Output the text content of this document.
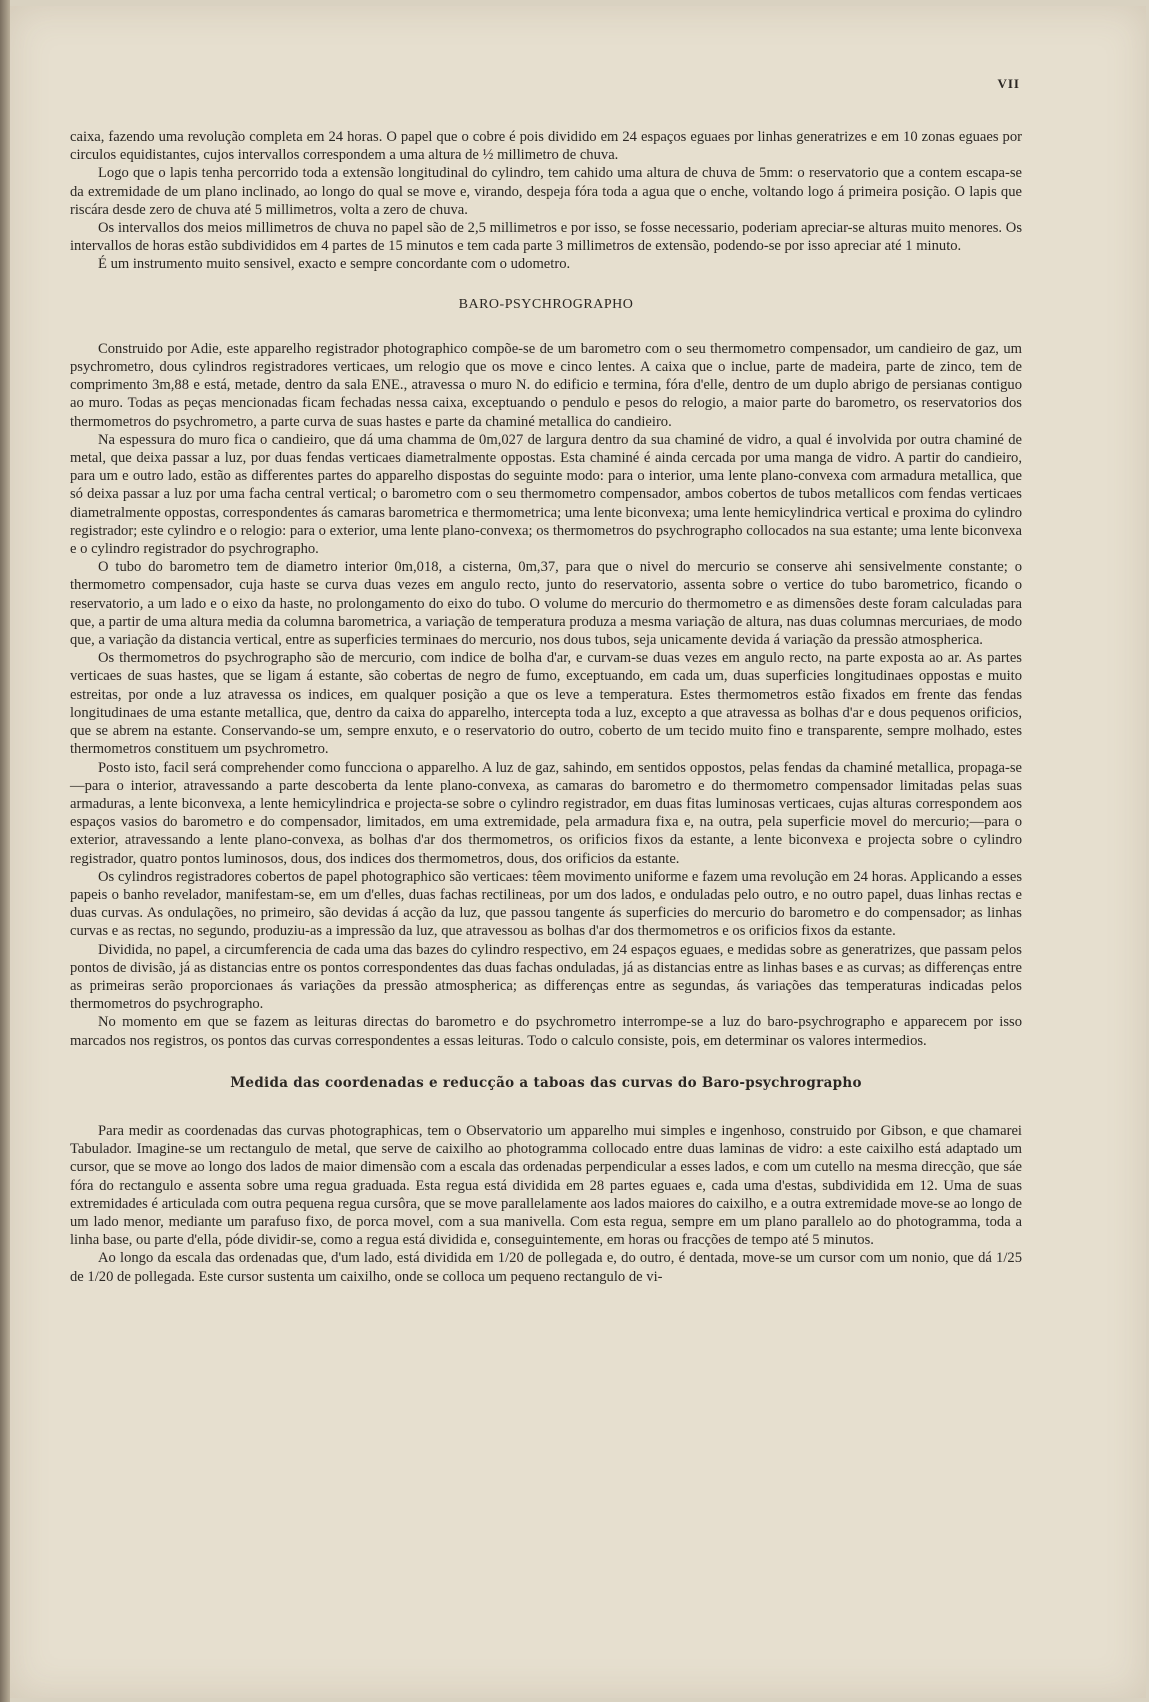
VII

caixa, fazendo uma revolução completa em 24 horas. O papel que o cobre é pois dividido em 24 espaços eguaes por linhas generatrizes e em 10 zonas eguaes por circulos equidistantes, cujos intervallos correspondem a uma altura de ½ millimetro de chuva.

Logo que o lapis tenha percorrido toda a extensão longitudinal do cylindro, tem cahido uma altura de chuva de 5mm: o reservatorio que a contem escapa-se da extremidade de um plano inclinado, ao longo do qual se move e, virando, despeja fóra toda a agua que o enche, voltando logo á primeira posição. O lapis que riscára desde zero de chuva até 5 millimetros, volta a zero de chuva.

Os intervallos dos meios millimetros de chuva no papel são de 2,5 millimetros e por isso, se fosse necessario, poderiam apreciar-se alturas muito menores. Os intervallos de horas estão subdivididos em 4 partes de 15 minutos e tem cada parte 3 millimetros de extensão, podendo-se por isso apreciar até 1 minuto.

É um instrumento muito sensivel, exacto e sempre concordante com o udometro.

BARO-PSYCHROGRAPHO

Construido por Adie, este apparelho registrador photographico compõe-se de um barometro com o seu thermometro compensador, um candieiro de gaz, um psychrometro, dous cylindros registradores verticaes, um relogio que os move e cinco lentes. A caixa que o inclue, parte de madeira, parte de zinco, tem de comprimento 3m,88 e está, metade, dentro da sala ENE., atravessa o muro N. do edificio e termina, fóra d'elle, dentro de um duplo abrigo de persianas contiguo ao muro. Todas as peças mencionadas ficam fechadas nessa caixa, exceptuando o pendulo e pesos do relogio, a maior parte do barometro, os reservatorios dos thermometros do psychrometro, a parte curva de suas hastes e parte da chaminé metallica do candieiro.

Na espessura do muro fica o candieiro, que dá uma chamma de 0m,027 de largura dentro da sua chaminé de vidro, a qual é involvida por outra chaminé de metal, que deixa passar a luz, por duas fendas verticaes diametralmente oppostas. Esta chaminé é ainda cercada por uma manga de vidro. A partir do candieiro, para um e outro lado, estão as differentes partes do apparelho dispostas do seguinte modo: para o interior, uma lente plano-convexa com armadura metallica, que só deixa passar a luz por uma facha central vertical; o barometro com o seu thermometro compensador, ambos cobertos de tubos metallicos com fendas verticaes diametralmente oppostas, correspondentes ás camaras barometrica e thermometrica; uma lente biconvexa; uma lente hemicylindrica vertical e proxima do cylindro registrador; este cylindro e o relogio: para o exterior, uma lente plano-convexa; os thermometros do psychrographo collocados na sua estante; uma lente biconvexa e o cylindro registrador do psychrographo.

O tubo do barometro tem de diametro interior 0m,018, a cisterna, 0m,37, para que o nivel do mercurio se conserve ahi sensivelmente constante; o thermometro compensador, cuja haste se curva duas vezes em angulo recto, junto do reservatorio, assenta sobre o vertice do tubo barometrico, ficando o reservatorio, a um lado e o eixo da haste, no prolongamento do eixo do tubo. O volume do mercurio do thermometro e as dimensões deste foram calculadas para que, a partir de uma altura media da columna barometrica, a variação de temperatura produza a mesma variação de altura, nas duas columnas mercuriaes, de modo que, a variação da distancia vertical, entre as superficies terminaes do mercurio, nos dous tubos, seja unicamente devida á variação da pressão atmospherica.

Os thermometros do psychrographo são de mercurio, com indice de bolha d'ar, e curvam-se duas vezes em angulo recto, na parte exposta ao ar. As partes verticaes de suas hastes, que se ligam á estante, são cobertas de negro de fumo, exceptuando, em cada um, duas superficies longitudinaes oppostas e muito estreitas, por onde a luz atravessa os indices, em qualquer posição a que os leve a temperatura. Estes thermometros estão fixados em frente das fendas longitudinaes de uma estante metallica, que, dentro da caixa do apparelho, intercepta toda a luz, excepto a que atravessa as bolhas d'ar e dous pequenos orificios, que se abrem na estante. Conservando-se um, sempre enxuto, e o reservatorio do outro, coberto de um tecido muito fino e transparente, sempre molhado, estes thermometros constituem um psychrometro.

Posto isto, facil será comprehender como funcciona o apparelho. A luz de gaz, sahindo, em sentidos oppostos, pelas fendas da chaminé metallica, propaga-se—para o interior, atravessando a parte descoberta da lente plano-convexa, as camaras do barometro e do thermometro compensador limitadas pelas suas armaduras, a lente biconvexa, a lente hemicylindrica e projecta-se sobre o cylindro registrador, em duas fitas luminosas verticaes, cujas alturas correspondem aos espaços vasios do barometro e do compensador, limitados, em uma extremidade, pela armadura fixa e, na outra, pela superficie movel do mercurio;—para o exterior, atravessando a lente plano-convexa, as bolhas d'ar dos thermometros, os orificios fixos da estante, a lente biconvexa e projecta sobre o cylindro registrador, quatro pontos luminosos, dous, dos indices dos thermometros, dous, dos orificios da estante.

Os cylindros registradores cobertos de papel photographico são verticaes: têem movimento uniforme e fazem uma revolução em 24 horas. Applicando a esses papeis o banho revelador, manifestam-se, em um d'elles, duas fachas rectilineas, por um dos lados, e onduladas pelo outro, e no outro papel, duas linhas rectas e duas curvas. As ondulações, no primeiro, são devidas á acção da luz, que passou tangente ás superficies do mercurio do barometro e do compensador; as linhas curvas e as rectas, no segundo, produziu-as a impressão da luz, que atravessou as bolhas d'ar dos thermometros e os orificios fixos da estante.

Dividida, no papel, a circumferencia de cada uma das bazes do cylindro respectivo, em 24 espaços eguaes, e medidas sobre as generatrizes, que passam pelos pontos de divisão, já as distancias entre os pontos correspondentes das duas fachas onduladas, já as distancias entre as linhas bases e as curvas; as differenças entre as primeiras serão proporcionaes ás variações da pressão atmospherica; as differenças entre as segundas, ás variações das temperaturas indicadas pelos thermometros do psychrographo.

No momento em que se fazem as leituras directas do barometro e do psychrometro interrompe-se a luz do baro-psychrographo e apparecem por isso marcados nos registros, os pontos das curvas correspondentes a essas leituras. Todo o calculo consiste, pois, em determinar os valores intermedios.

Medida das coordenadas e reducção a taboas das curvas do Baro-psychrographo

Para medir as coordenadas das curvas photographicas, tem o Observatorio um apparelho mui simples e ingenhoso, construido por Gibson, e que chamarei Tabulador. Imagine-se um rectangulo de metal, que serve de caixilho ao photogramma collocado entre duas laminas de vidro: a este caixilho está adaptado um cursor, que se move ao longo dos lados de maior dimensão com a escala das ordenadas perpendicular a esses lados, e com um cutello na mesma direcção, que sáe fóra do rectangulo e assenta sobre uma regua graduada. Esta regua está dividida em 28 partes eguaes e, cada uma d'estas, subdividida em 12. Uma de suas extremidades é articulada com outra pequena regua cursôra, que se move parallelamente aos lados maiores do caixilho, e a outra extremidade move-se ao longo de um lado menor, mediante um parafuso fixo, de porca movel, com a sua manivella. Com esta regua, sempre em um plano parallelo ao do photogramma, toda a linha base, ou parte d'ella, póde dividir-se, como a regua está dividida e, conseguintemente, em horas ou fracções de tempo até 5 minutos.

Ao longo da escala das ordenadas que, d'um lado, está dividida em 1/20 de pollegada e, do outro, é dentada, move-se um cursor com um nonio, que dá 1/25 de 1/20 de pollegada. Este cursor sustenta um caixilho, onde se colloca um pequeno rectangulo de vi-
